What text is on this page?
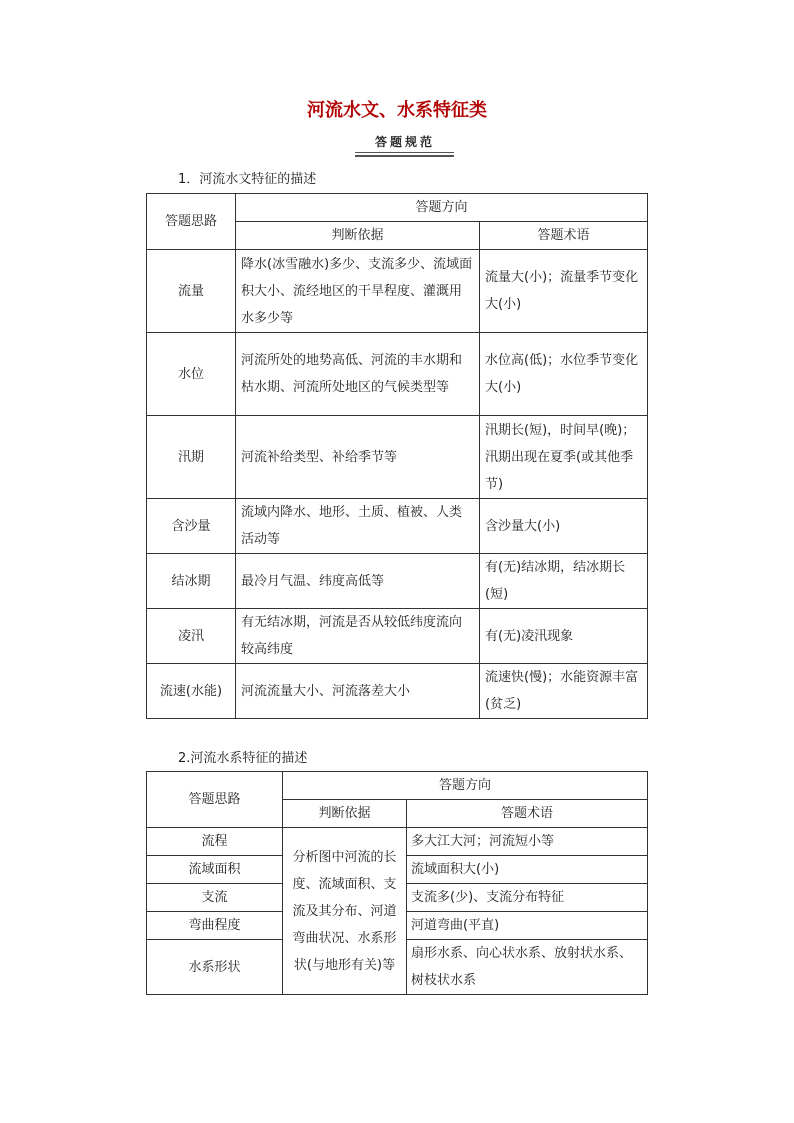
河流水文、水系特征类
答题规范
1．河流水文特征的描述
答题思路	答题方向	
	判断依据	答题术语
流量	降水(冰雪融水)多少、支流多少、流域面积大小、流经地区的干旱程度、灌溉用水多少等	流量大(小)；流量季节变化大(小)
水位	河流所处的地势高低、河流的丰水期和枯水期、河流所处地区的气候类型等	水位高(低)；水位季节变化大(小)
汛期	河流补给类型、补给季节等	汛期长(短)，时间早(晚)；汛期出现在夏季(或其他季节)
含沙量	流域内降水、地形、土质、植被、人类活动等	含沙量大(小)
结冰期	最冷月气温、纬度高低等	有(无)结冰期，结冰期长(短)
凌汛	有无结冰期，河流是否从较低纬度流向较高纬度	有(无)凌汛现象
流速(水能)	河流流量大小、河流落差大小	流速快(慢)；水能资源丰富(贫乏)
2.河流水系特征的描述
答题思路	答题方向	
	判断依据	答题术语
流程	分析图中河流的长度、流域面积、支流及其分布、河道弯曲状况、水系形状(与地形有关)等	多大江大河；河流短小等
流域面积		流域面积大(小)
支流		支流多(少)、支流分布特征
弯曲程度		河道弯曲(平直)
水系形状		扇形水系、向心状水系、放射状水系、树枝状水系
